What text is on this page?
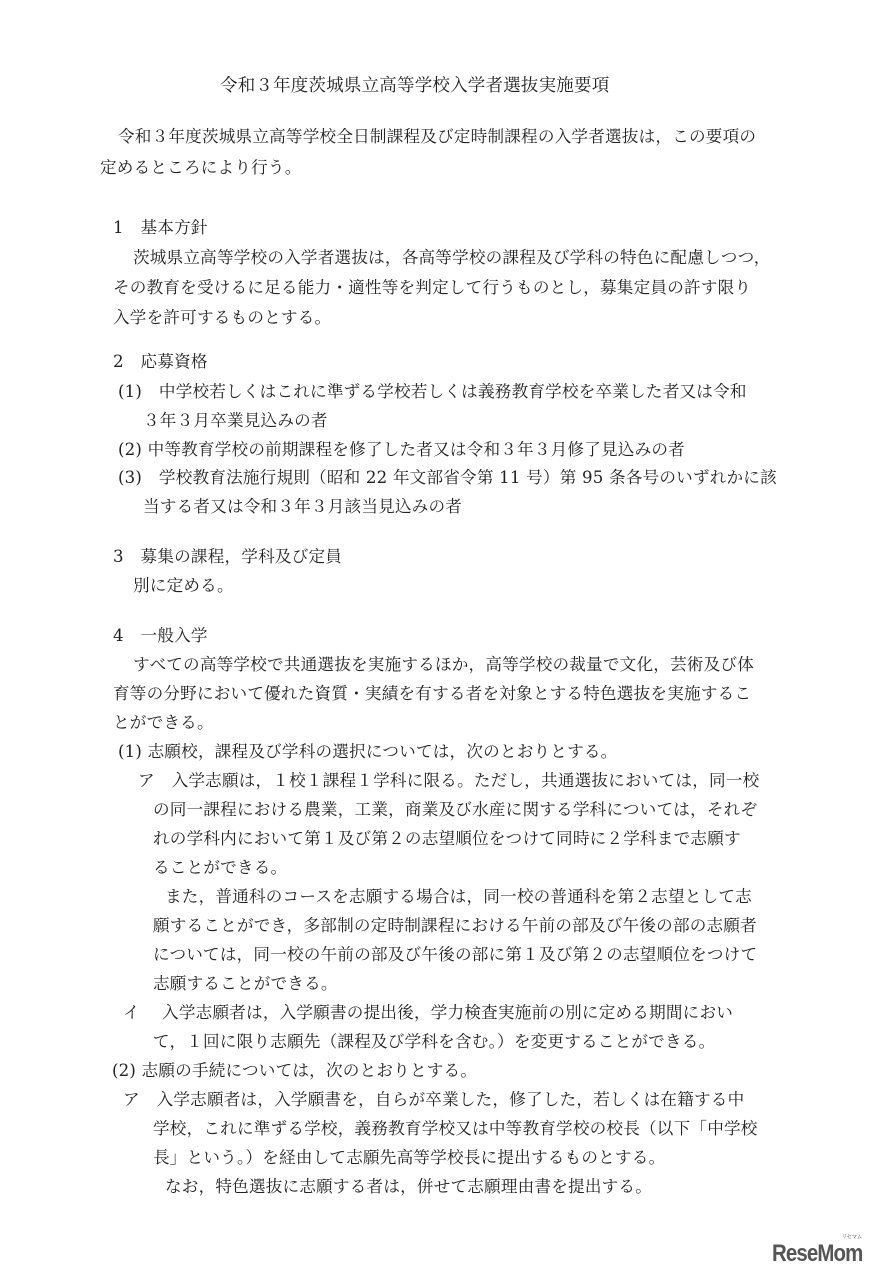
令和３年度茨城県立高等学校入学者選抜実施要項
令和３年度茨城県立高等学校全日制課程及び定時制課程の入学者選抜は，この要項の
定めるところにより行う。
1　基本方針
茨城県立高等学校の入学者選抜は，各高等学校の課程及び学科の特色に配慮しつつ，
その教育を受けるに足る能力・適性等を判定して行うものとし，募集定員の許す限り
入学を許可するものとする。
2　応募資格
(1)　中学校若しくはこれに準ずる学校若しくは義務教育学校を卒業した者又は令和
３年３月卒業見込みの者
(2) 中等教育学校の前期課程を修了した者又は令和３年３月修了見込みの者
(3)　学校教育法施行規則（昭和 22 年文部省令第 11 号）第 95 条各号のいずれかに該
当する者又は令和３年３月該当見込みの者
3　募集の課程，学科及び定員
別に定める。
4　一般入学
すべての高等学校で共通選抜を実施するほか，高等学校の裁量で文化，芸術及び体
育等の分野において優れた資質・実績を有する者を対象とする特色選抜を実施するこ
とができる。
(1) 志願校，課程及び学科の選択については，次のとおりとする。
ア　入学志願は，１校１課程１学科に限る。ただし，共通選抜においては，同一校
の同一課程における農業，工業，商業及び水産に関する学科については，それぞ
れの学科内において第１及び第２の志望順位をつけて同時に２学科まで志願す
ることができる。
また，普通科のコースを志願する場合は，同一校の普通科を第２志望として志
願することができ，多部制の定時制課程における午前の部及び午後の部の志願者
については，同一校の午前の部及び午後の部に第１及び第２の志望順位をつけて
志願することができる。
イ　 入学志願者は，入学願書の提出後，学力検査実施前の別に定める期間におい
て，１回に限り志願先（課程及び学科を含む。）を変更することができる。
(2) 志願の手続については，次のとおりとする。
ア　入学志願者は，入学願書を，自らが卒業した，修了した，若しくは在籍する中
学校，これに準ずる学校，義務教育学校又は中等教育学校の校長（以下「中学校
長」という。）を経由して志願先高等学校長に提出するものとする。
なお，特色選抜に志願する者は，併せて志願理由書を提出する。
ReseMom
リセマム
